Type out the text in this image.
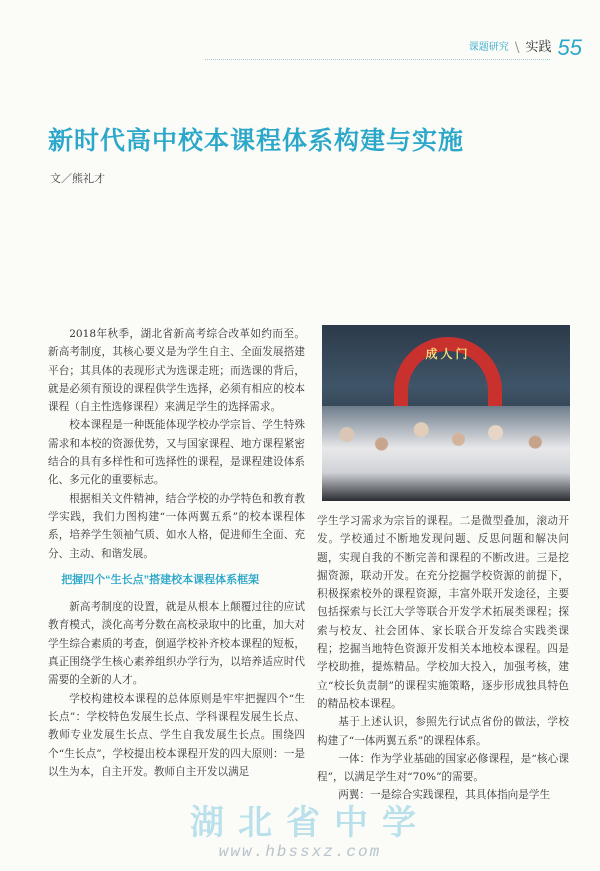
课题研究 \ 实践 55
新时代高中校本课程体系构建与实施
文／熊礼才

2018年秋季，湖北省新高考综合改革如约而至。新高考制度，其核心要义是为学生自主、全面发展搭建平台；其具体的表现形式为选课走班；而选课的背后，就是必须有预设的课程供学生选择，必须有相应的校本课程（自主性选修课程）来满足学生的选择需求。

校本课程是一种既能体现学校办学宗旨、学生特殊需求和本校的资源优势，又与国家课程、地方课程紧密结合的具有多样性和可选择性的课程，是课程建设体系化、多元化的重要标志。

根据相关文件精神，结合学校的办学特色和教育教学实践，我们力图构建“一体两翼五系”的校本课程体系，培养学生领袖气质、如水人格，促进师生全面、充分、主动、和谐发展。

把握四个“生长点”搭建校本课程体系框架

新高考制度的设置，就是从根本上颠覆过往的应试教育模式，淡化高考分数在高校录取中的比重，加大对学生综合素质的考查，倒逼学校补齐校本课程的短板，真正围绕学生核心素养组织办学行为，以培养适应时代需要的全新的人才。

学校构建校本课程的总体原则是牢牢把握四个“生长点”：学校特色发展生长点、学科课程发展生长点、教师专业发展生长点、学生自我发展生长点。围绕四个“生长点”，学校提出校本课程开发的四大原则：一是以生为本，自主开发。教师自主开发以满足

成人门

学生学习需求为宗旨的课程。二是微型叠加，滚动开发。学校通过不断地发现问题、反思问题和解决问题，实现自我的不断完善和课程的不断改进。三是挖掘资源，联动开发。在充分挖掘学校资源的前提下，积极探索校外的课程资源，丰富外联开发途径，主要包括探索与长江大学等联合开发学术拓展类课程；探索与校友、社会团体、家长联合开发综合实践类课程；挖掘当地特色资源开发相关本地校本课程。四是学校助推，提炼精品。学校加大投入，加强考核，建立“校长负责制”的课程实施策略，逐步形成独具特色的精品校本课程。

基于上述认识，参照先行试点省份的做法，学校构建了“一体两翼五系”的课程体系。

一体：作为学业基础的国家必修课程，是“核心课程”，以满足学生对“70%”的需要。

两翼：一是综合实践课程，其具体指向是学生

湖北省中学
www.hbssxz.com
